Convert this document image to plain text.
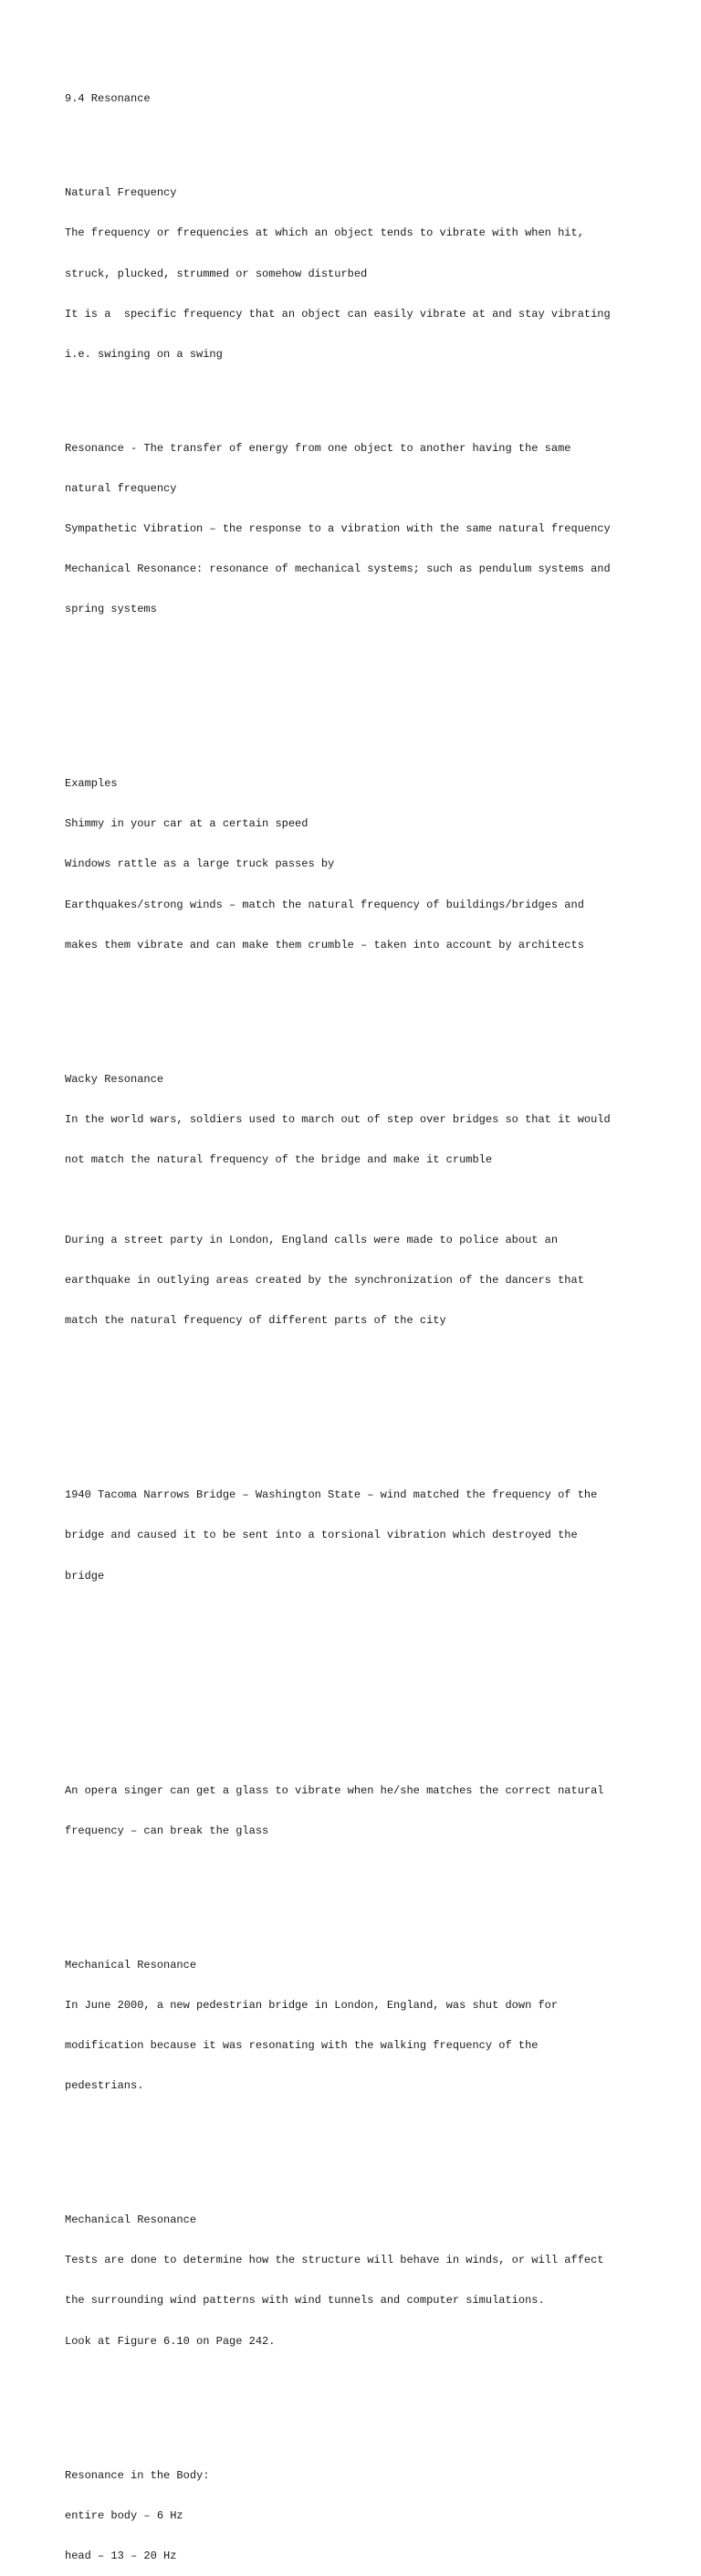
9.4 Resonance

Natural Frequency

The frequency or frequencies at which an object tends to vibrate with when hit,

struck, plucked, strummed or somehow disturbed

It is a  specific frequency that an object can easily vibrate at and stay vibrating

i.e. swinging on a swing

Resonance - The transfer of energy from one object to another having the same

natural frequency

Sympathetic Vibration – the response to a vibration with the same natural frequency

Mechanical Resonance: resonance of mechanical systems; such as pendulum systems and

spring systems

Examples

Shimmy in your car at a certain speed

Windows rattle as a large truck passes by

Earthquakes/strong winds – match the natural frequency of buildings/bridges and

makes them vibrate and can make them crumble – taken into account by architects

Wacky Resonance

In the world wars, soldiers used to march out of step over bridges so that it would

not match the natural frequency of the bridge and make it crumble

During a street party in London, England calls were made to police about an

earthquake in outlying areas created by the synchronization of the dancers that

match the natural frequency of different parts of the city

1940 Tacoma Narrows Bridge – Washington State – wind matched the frequency of the

bridge and caused it to be sent into a torsional vibration which destroyed the

bridge

An opera singer can get a glass to vibrate when he/she matches the correct natural

frequency – can break the glass

Mechanical Resonance

In June 2000, a new pedestrian bridge in London, England, was shut down for

modification because it was resonating with the walking frequency of the

pedestrians.

Mechanical Resonance

Tests are done to determine how the structure will behave in winds, or will affect

the surrounding wind patterns with wind tunnels and computer simulations.

Look at Figure 6.10 on Page 242.

Resonance in the Body:

entire body – 6 Hz

head – 13 – 20 Hz
